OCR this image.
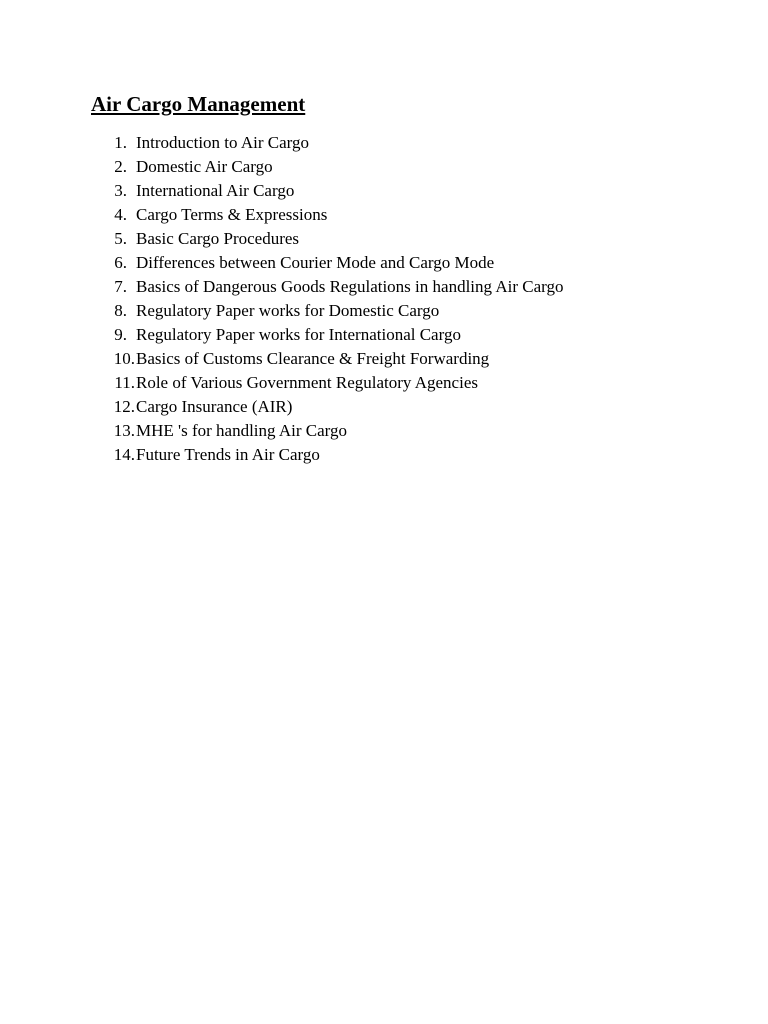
Air Cargo Management
1. Introduction to Air Cargo
2. Domestic Air Cargo
3. International Air Cargo
4. Cargo Terms & Expressions
5. Basic Cargo Procedures
6. Differences between Courier Mode and Cargo Mode
7. Basics of Dangerous Goods Regulations in handling Air Cargo
8. Regulatory Paper works for Domestic Cargo
9. Regulatory Paper works for International Cargo
10. Basics of Customs Clearance & Freight Forwarding
11. Role of Various Government Regulatory Agencies
12. Cargo Insurance (AIR)
13. MHE 's for handling Air Cargo
14. Future Trends in Air Cargo
